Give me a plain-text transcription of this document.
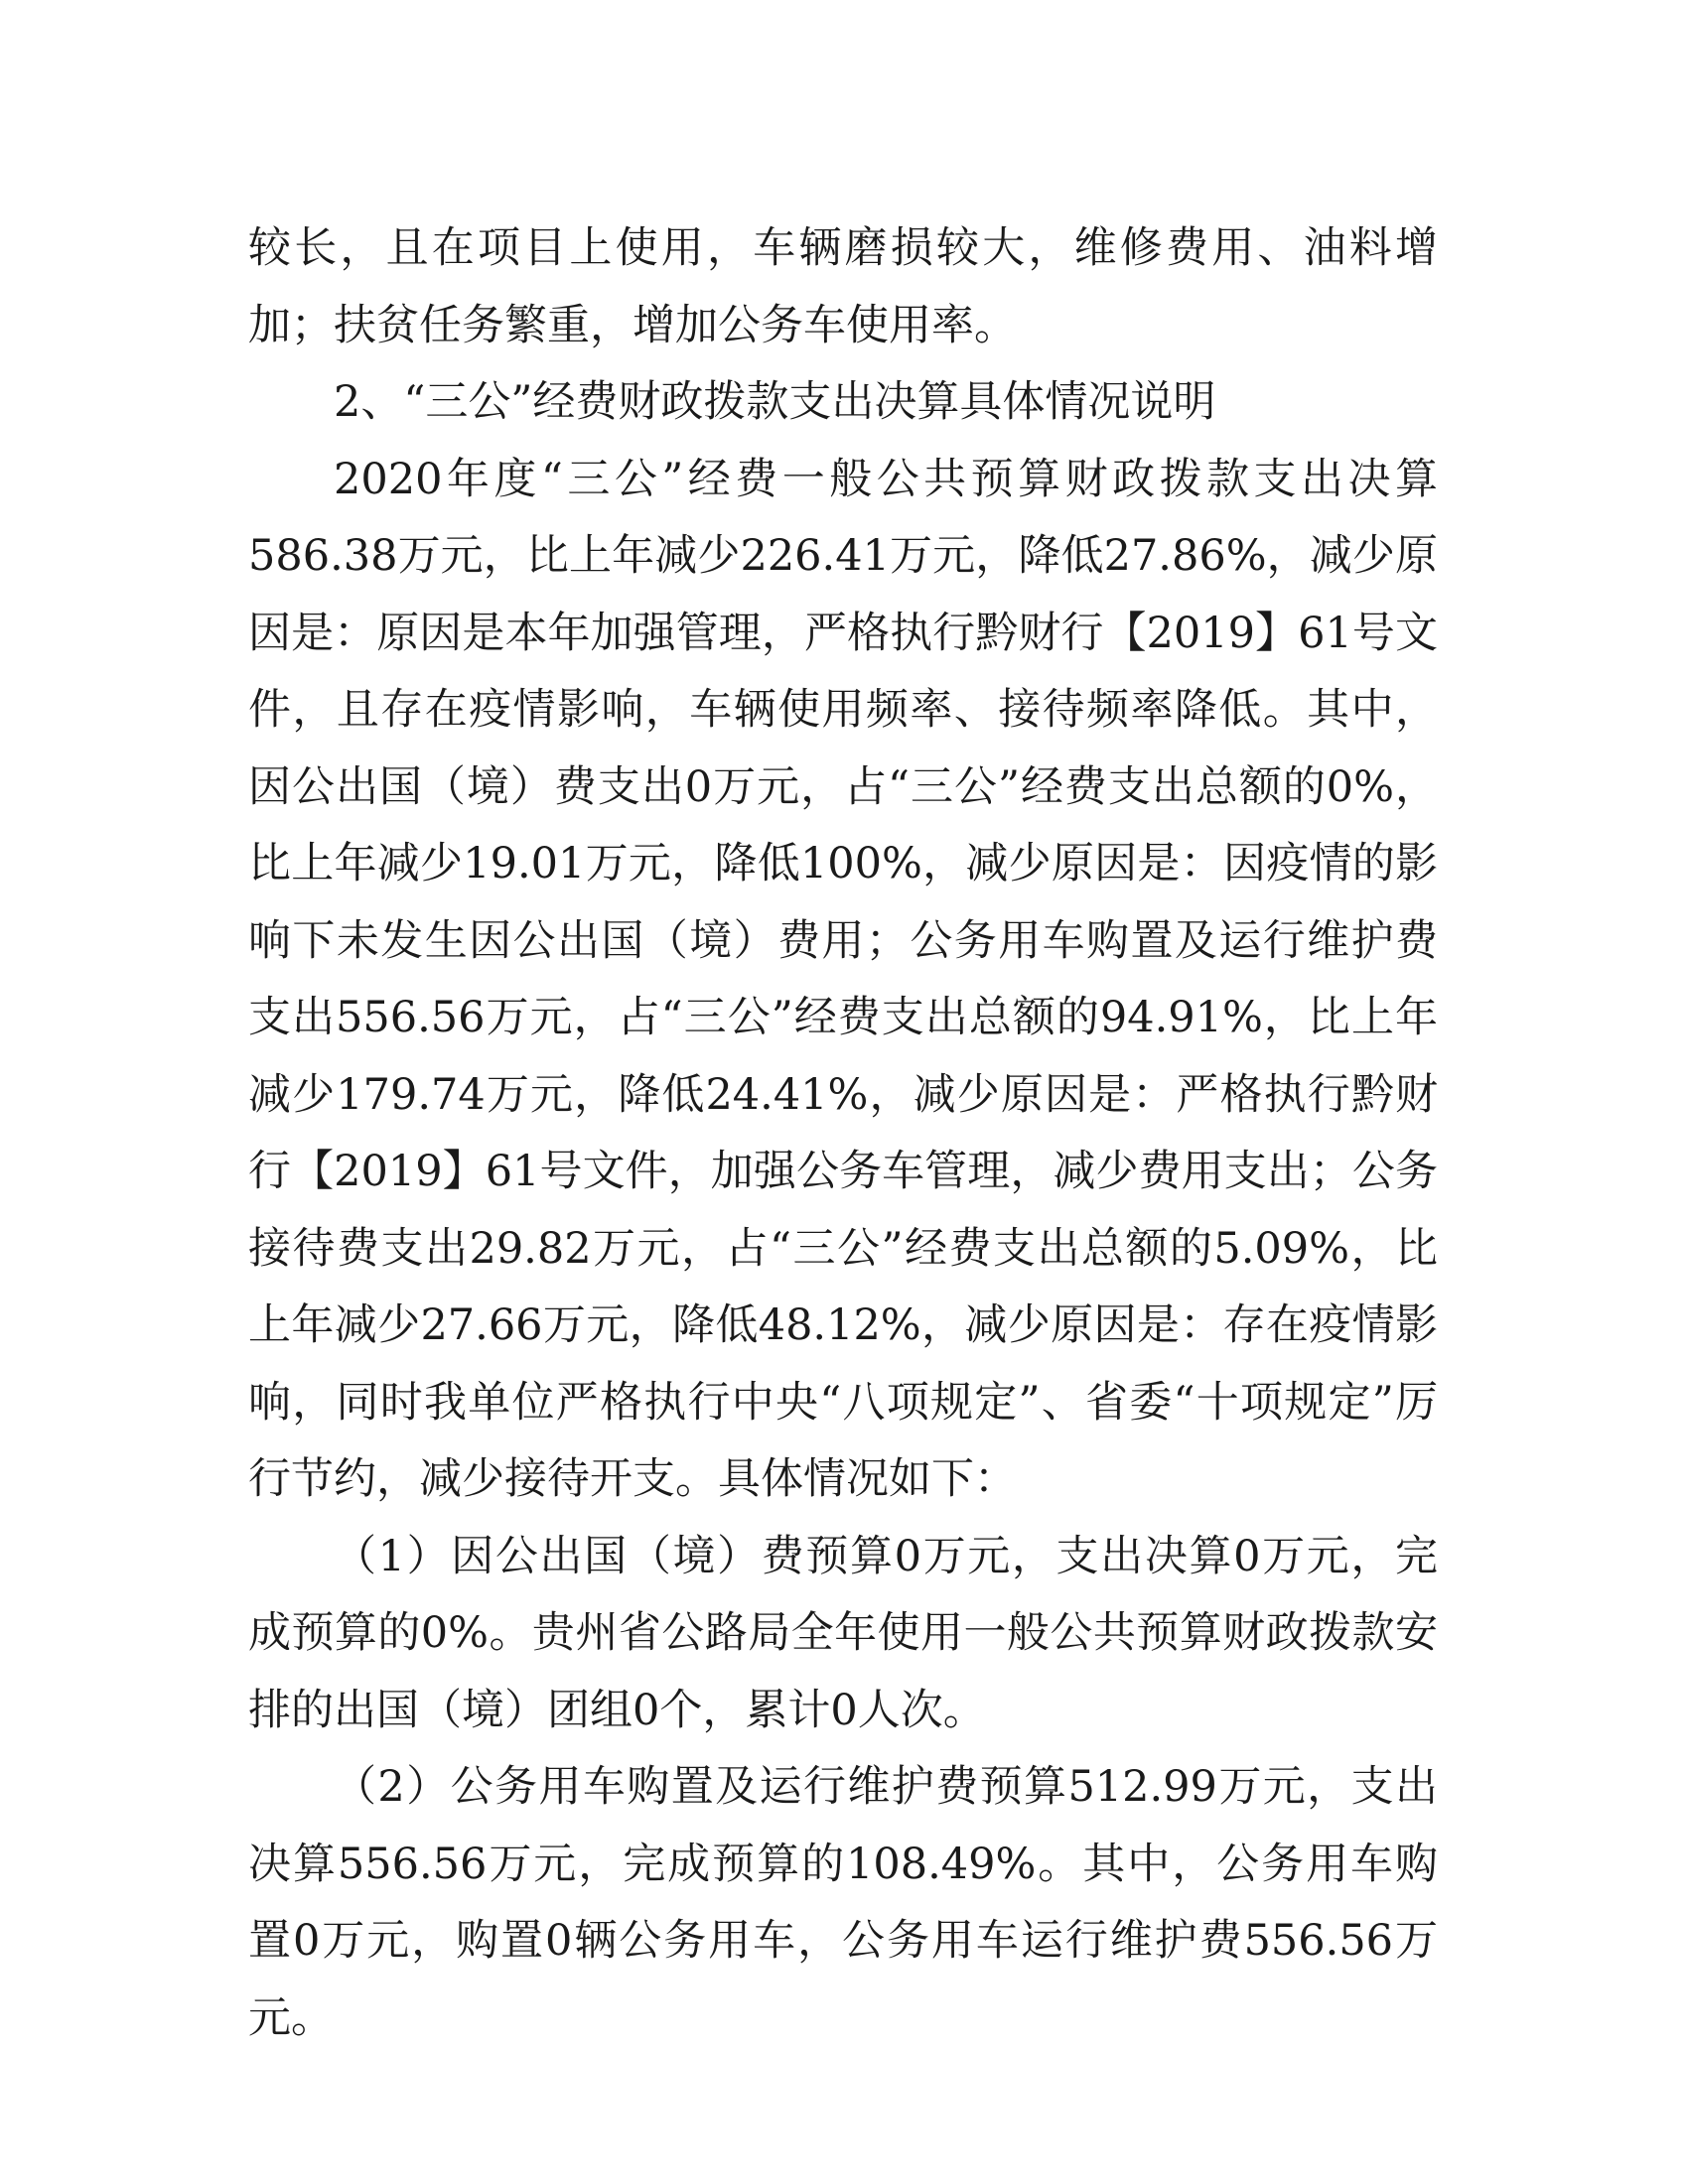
较长，且在项目上使用，车辆磨损较大，维修费用、油料增加；扶贫任务繁重，增加公务车使用率。

2、“三公”经费财政拨款支出决算具体情况说明

2020年度“三公”经费一般公共预算财政拨款支出决算586.38万元，比上年减少226.41万元，降低27.86%，减少原因是：原因是本年加强管理，严格执行黔财行【2019】61号文件，且存在疫情影响，车辆使用频率、接待频率降低。其中，因公出国（境）费支出0万元，占“三公”经费支出总额的0%，比上年减少19.01万元，降低100%，减少原因是：因疫情的影响下未发生因公出国（境）费用；公务用车购置及运行维护费支出556.56万元，占“三公”经费支出总额的94.91%，比上年减少179.74万元，降低24.41%，减少原因是：严格执行黔财行【2019】61号文件，加强公务车管理，减少费用支出；公务接待费支出29.82万元，占“三公”经费支出总额的5.09%，比上年减少27.66万元，降低48.12%，减少原因是：存在疫情影响，同时我单位严格执行中央“八项规定”、省委“十项规定”厉行节约，减少接待开支。具体情况如下：

（1）因公出国（境）费预算0万元，支出决算0万元，完成预算的0%。贵州省公路局全年使用一般公共预算财政拨款安排的出国（境）团组0个，累计0人次。

（2）公务用车购置及运行维护费预算512.99万元，支出决算556.56万元，完成预算的108.49%。其中，公务用车购置0万元，购置0辆公务用车，公务用车运行维护费556.56万元。
